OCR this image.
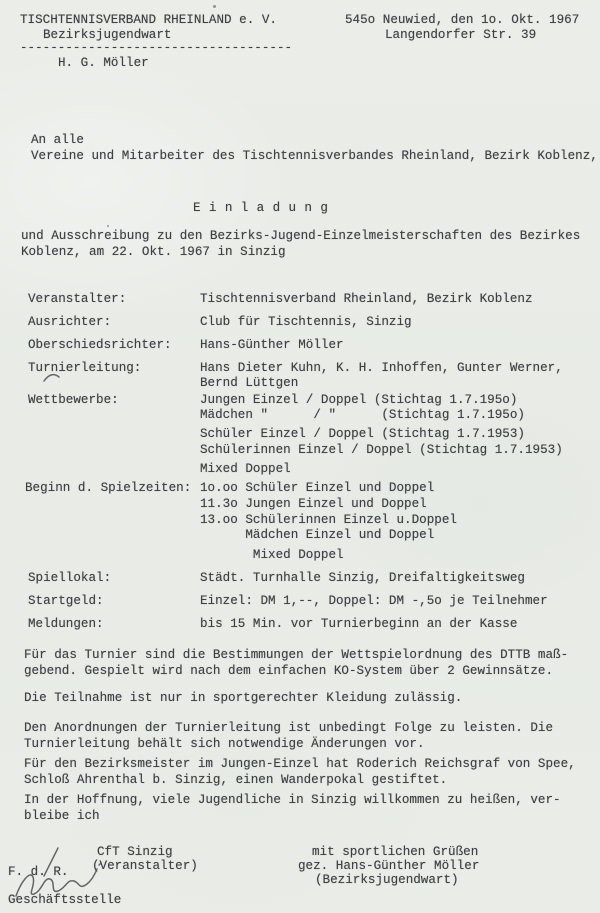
TISCHTENNISVERBAND RHEINLAND e. V.
Bezirksjugendwart
------------------------------------
H. G. Möller
545o Neuwied, den 1o. Okt. 1967
Langendorfer Str. 39
An alle
Vereine und Mitarbeiter des Tischtennisverbandes Rheinland, Bezirk Koblenz,
E i n l a d u n g
und Ausschreibung zu den Bezirks-Jugend-Einzelmeisterschaften des Bezirkes
Koblenz, am 22. Okt. 1967 in Sinzig
Veranstalter:	Tischtennisverband Rheinland, Bezirk Koblenz
Ausrichter:	Club für Tischtennis, Sinzig
Oberschiedsrichter: Hans-Günther Möller
Turnierleitung:	Hans Dieter Kuhn, K. H. Inhoffen, Gunter Werner,
Bernd Lüttgen
Wettbewerbe:	Jungen Einzel / Doppel (Stichtag 1.7.195o)
Mädchen "      / "      (Stichtag 1.7.195o)
Schüler Einzel / Doppel (Stichtag 1.7.1953)
Schülerinnen Einzel / Doppel (Stichtag 1.7.1953)
Mixed Doppel
Beginn d. Spielzeiten: 1o.oo Schüler Einzel und Doppel
11.3o Jungen Einzel und Doppel
13.oo Schülerinnen Einzel u.Doppel
Mädchen Einzel und Doppel
Mixed Doppel
Spiellokal:	Städt. Turnhalle Sinzig, Dreifaltigkeitsweg
Startgeld:	Einzel: DM 1,--, Doppel: DM -,5o je Teilnehmer
Meldungen:	bis 15 Min. vor Turnierbeginn an der Kasse
Für das Turnier sind die Bestimmungen der Wettspielordnung des DTTB maß-
gebend. Gespielt wird nach dem einfachen KO-System über 2 Gewinnsätze.
Die Teilnahme ist nur in sportgerechter Kleidung zulässig.
Den Anordnungen der Turnierleitung ist unbedingt Folge zu leisten. Die
Turnierleitung behält sich notwendige Änderungen vor.
Für den Bezirksmeister im Jungen-Einzel hat Roderich Reichsgraf von Spee,
Schloß Ahrenthal b. Sinzig, einen Wanderpokal gestiftet.
In der Hoffnung, viele Jugendliche in Sinzig willkommen zu heißen, ver-
bleibe ich
CfT Sinzig
(Veranstalter)
mit sportlichen Grüßen
gez. Hans-Günther Möller
(Bezirksjugendwart)
F. d. R.
Geschäftsstelle
